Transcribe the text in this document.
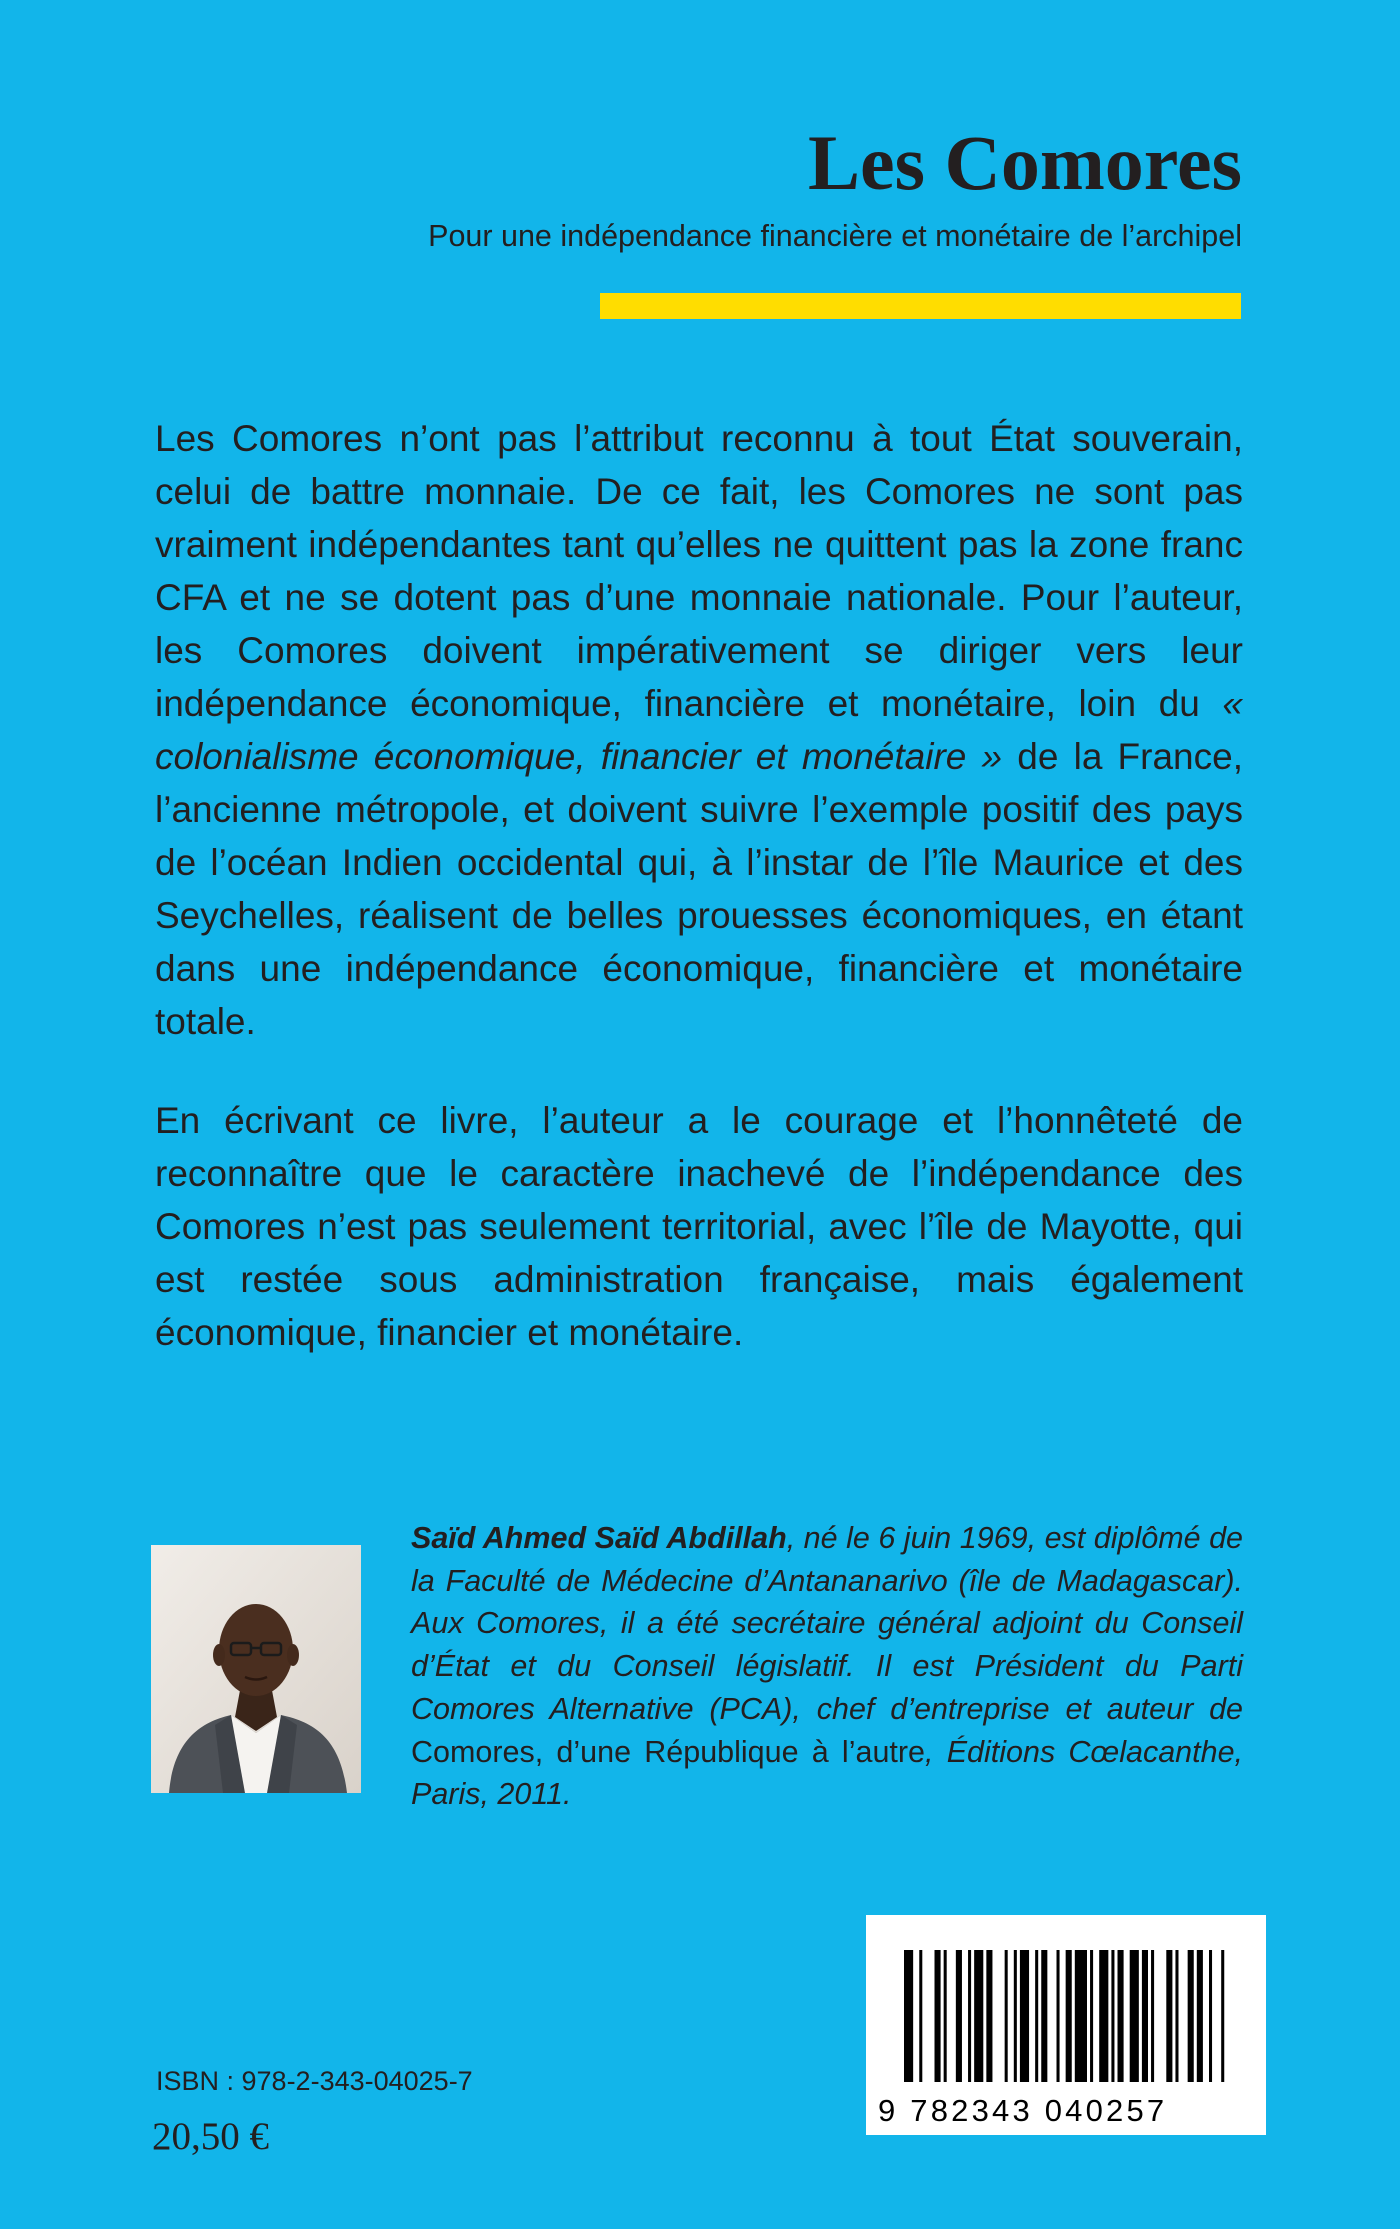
Les Comores

Pour une indépendance financière et monétaire de l’archipel

Les Comores n’ont pas l’attribut reconnu à tout État souverain, celui de battre monnaie. De ce fait, les Comores ne sont pas vraiment indépendantes tant qu’elles ne quittent pas la zone franc CFA et ne se dotent pas d’une monnaie nationale. Pour l’auteur, les Comores doivent impérativement se diriger vers leur indépendance économique, financière et monétaire, loin du « colonialisme économique, financier et monétaire » de la France, l’ancienne métropole, et doivent suivre l’exemple positif des pays de l’océan Indien occidental qui, à l’instar de l’île Maurice et des Seychelles, réalisent de belles prouesses économiques, en étant dans une indépendance économique, financière et monétaire totale.

En écrivant ce livre, l’auteur a le courage et l’honnêteté de reconnaître que le caractère inachevé de l’indépendance des Comores n’est pas seulement territorial, avec l’île de Mayotte, qui est restée sous administration française, mais également économique, financier et monétaire.

Saïd Ahmed Saïd Abdillah, né le 6 juin 1969, est diplômé de la Faculté de Médecine d’Antananarivo (île de Madagascar). Aux Comores, il a été secrétaire général adjoint du Conseil d’État et du Conseil législatif. Il est Président du Parti Comores Alternative (PCA), chef d’entreprise et auteur de Comores, d’une République à l’autre, Éditions Cœlacanthe, Paris, 2011.

9 782343 040257

ISBN : 978-2-343-04025-7

20,50 €
